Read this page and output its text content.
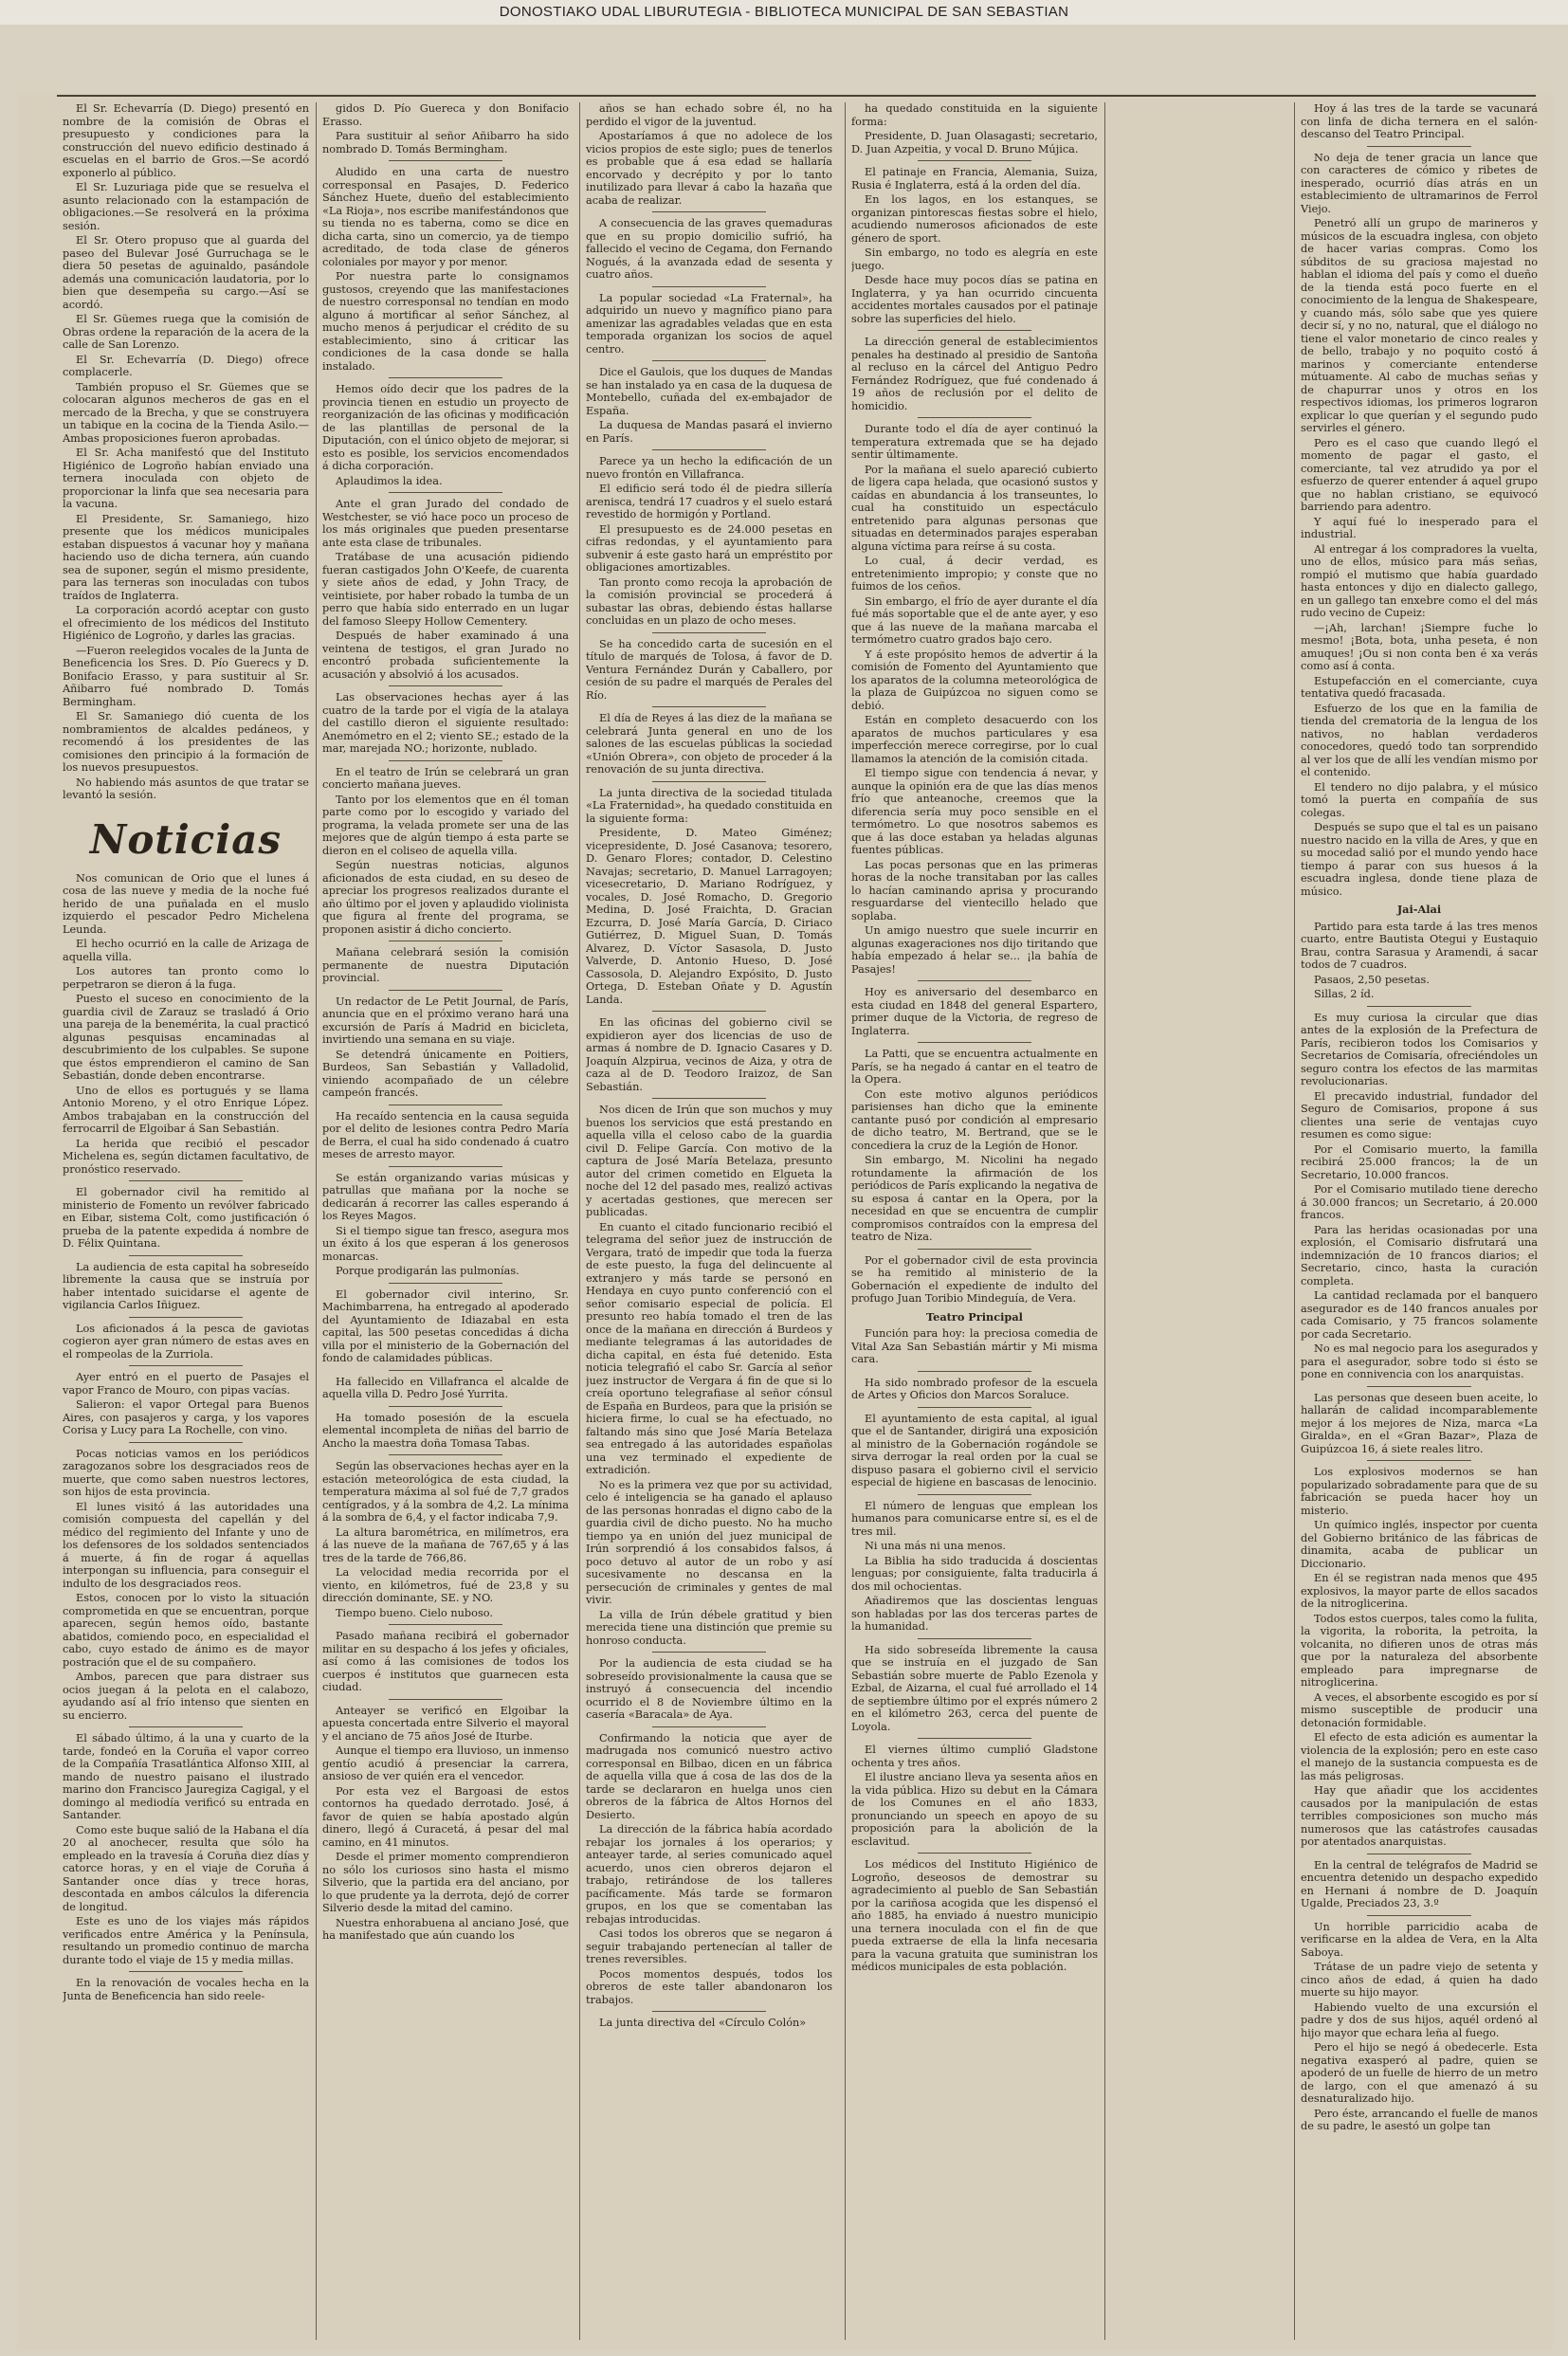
DONOSTIAKO UDAL LIBURUTEGIA - BIBLIOTECA MUNICIPAL DE SAN SEBASTIAN

El Sr. Echevarría (D. Diego) presentó en nombre de la comisión de Obras el presupuesto y condiciones para la construcción del nuevo edificio destinado á escuelas en el barrio de Gros.—Se acordó exponerlo al público.

El Sr. Luzuriaga pide que se resuelva el asunto relacionado con la estampación de obligaciones.—Se resolverá en la próxima sesión.

El Sr. Otero propuso que al guarda del paseo del Bulevar José Gurruchaga se le diera 50 pesetas de aguinaldo, pasándole además una comunicación laudatoria, por lo bien que desempeña su cargo.—Así se acordó.

El Sr. Güemes ruega que la comisión de Obras ordene la reparación de la acera de la calle de San Lorenzo.

El Sr. Echevarría (D. Diego) ofrece complacerle.

También propuso el Sr. Güemes que se colocaran algunos mecheros de gas en el mercado de la Brecha, y que se construyera un tabique en la cocina de la Tienda Asilo.—Ambas proposiciones fueron aprobadas.

El Sr. Acha manifestó que del Instituto Higiénico de Logroño habían enviado una ternera inoculada con objeto de proporcionar la linfa que sea necesaria para la vacuna.

El Presidente, Sr. Samaniego, hizo presente que los médicos municipales estaban dispuestos á vacunar hoy y mañana haciendo uso de dicha ternera, aún cuando sea de suponer, según el mismo presidente, para las terneras son inoculadas con tubos traídos de Inglaterra.

La corporación acordó aceptar con gusto el ofrecimiento de los médicos del Instituto Higiénico de Logroño, y darles las gracias.

—Fueron reelegidos vocales de la Junta de Beneficencia los Sres. D. Pío Guerecs y D. Bonifacio Erasso, y para sustituir al Sr. Añibarro fué nombrado D. Tomás Bermingham.

El Sr. Samaniego dió cuenta de los nombramientos de alcaldes pedáneos, y recomendó á los presidentes de las comisiones den principio á la formación de los nuevos presupuestos.

No habiendo más asuntos de que tratar se levantó la sesión.

Noticias

Nos comunican de Orio que el lunes á cosa de las nueve y media de la noche fué herido de una puñalada en el muslo izquierdo el pescador Pedro Michelena Leunda.

El hecho ocurrió en la calle de Arizaga de aquella villa.

Los autores tan pronto como lo perpetraron se dieron á la fuga.

Puesto el suceso en conocimiento de la guardia civil de Zarauz se trasladó á Orio una pareja de la benemérita, la cual practicó algunas pesquisas encaminadas al descubrimiento de los culpables. Se supone que éstos emprendieron el camino de San Sebastián, donde deben encontrarse.

Uno de ellos es portugués y se llama Antonio Moreno, y el otro Enrique López. Ambos trabajaban en la construcción del ferrocarril de Elgoibar á San Sebastián.

La herida que recibió el pescador Michelena es, según dictamen facultativo, de pronóstico reservado.

El gobernador civil ha remitido al ministerio de Fomento un revólver fabricado en Eibar, sistema Colt, como justificación ó prueba de la patente expedida á nombre de D. Félix Quintana.

La audiencia de esta capital ha sobreseído libremente la causa que se instruía por haber intentado suicidarse el agente de vigilancia Carlos Iñiguez.

Los aficionados á la pesca de gaviotas cogieron ayer gran número de estas aves en el rompeolas de la Zurriola.

Ayer entró en el puerto de Pasajes el vapor Franco de Mouro, con pipas vacías.

Salieron: el vapor Ortegal para Buenos Aires, con pasajeros y carga, y los vapores Corisa y Lucy para La Rochelle, con vino.

Pocas noticias vamos en los periódicos zaragozanos sobre los desgraciados reos de muerte, que como saben nuestros lectores, son hijos de esta provincia.

El lunes visitó á las autoridades una comisión compuesta del capellán y del médico del regimiento del Infante y uno de los defensores de los soldados sentenciados á muerte, á fin de rogar á aquellas interpongan su influencia, para conseguir el indulto de los desgraciados reos.

Estos, conocen por lo visto la situación comprometida en que se encuentran, porque aparecen, según hemos oído, bastante abatidos, comiendo poco, en especialidad el cabo, cuyo estado de ánimo es de mayor postración que el de su compañero.

Ambos, parecen que para distraer sus ocios juegan á la pelota en el calabozo, ayudando así al frío intenso que sienten en su encierro.

El sábado último, á la una y cuarto de la tarde, fondeó en la Coruña el vapor correo de la Compañía Trasatlántica Alfonso XIII, al mando de nuestro paisano el ilustrado marino don Francisco Jauregiza Cagigal, y el domingo al mediodía verificó su entrada en Santander.

Como este buque salió de la Habana el día 20 al anochecer, resulta que sólo ha empleado en la travesía á Coruña diez días y catorce horas, y en el viaje de Coruña á Santander once días y trece horas, descontada en ambos cálculos la diferencia de longitud.

Este es uno de los viajes más rápidos verificados entre América y la Península, resultando un promedio continuo de marcha durante todo el viaje de 15 y media millas.

En la renovación de vocales hecha en la Junta de Beneficencia han sido reele-

gidos D. Pío Guereca y don Bonifacio Erasso.

Para sustituir al señor Añibarro ha sido nombrado D. Tomás Bermingham.

Aludido en una carta de nuestro corresponsal en Pasajes, D. Federico Sánchez Huete, dueño del establecimiento «La Rioja», nos escribe manifestándonos que su tienda no es taberna, como se dice en dicha carta, sino un comercio, ya de tiempo acreditado, de toda clase de géneros coloniales por mayor y por menor.

Por nuestra parte lo consignamos gustosos, creyendo que las manifestaciones de nuestro corresponsal no tendían en modo alguno á mortificar al señor Sánchez, al mucho menos á perjudicar el crédito de su establecimiento, sino á criticar las condiciones de la casa donde se halla instalado.

Hemos oído decir que los padres de la provincia tienen en estudio un proyecto de reorganización de las oficinas y modificación de las plantillas de personal de la Diputación, con el único objeto de mejorar, si esto es posible, los servicios encomendados á dicha corporación.

Aplaudimos la idea.

Ante el gran Jurado del condado de Westchester, se vió hace poco un proceso de los más originales que pueden presentarse ante esta clase de tribunales.

Tratábase de una acusación pidiendo fueran castigados John O'Keefe, de cuarenta y siete años de edad, y John Tracy, de veintisiete, por haber robado la tumba de un perro que había sido enterrado en un lugar del famoso Sleepy Hollow Cementery.

Después de haber examinado á una veintena de testigos, el gran Jurado no encontró probada suficientemente la acusación y absolvió á los acusados.

Las observaciones hechas ayer á las cuatro de la tarde por el vigía de la atalaya del castillo dieron el siguiente resultado: Anemómetro en el 2; viento SE.; estado de la mar, marejada NO.; horizonte, nublado.

En el teatro de Irún se celebrará un gran concierto mañana jueves.

Tanto por los elementos que en él toman parte como por lo escogido y variado del programa, la velada promete ser una de las mejores que de algún tiempo á esta parte se dieron en el coliseo de aquella villa.

Según nuestras noticias, algunos aficionados de esta ciudad, en su deseo de apreciar los progresos realizados durante el año último por el joven y aplaudido violinista que figura al frente del programa, se proponen asistir á dicho concierto.

Mañana celebrará sesión la comisión permanente de nuestra Diputación provincial.

Un redactor de Le Petit Journal, de París, anuncia que en el próximo verano hará una excursión de París á Madrid en bicicleta, invirtiendo una semana en su viaje.

Se detendrá únicamente en Poitiers, Burdeos, San Sebastián y Valladolid, viniendo acompañado de un célebre campeón francés.

Ha recaído sentencia en la causa seguida por el delito de lesiones contra Pedro María de Berra, el cual ha sido condenado á cuatro meses de arresto mayor.

Se están organizando varias músicas y patrullas que mañana por la noche se dedicarán á recorrer las calles esperando á los Reyes Magos.

Si el tiempo sigue tan fresco, asegura mos un éxito á los que esperan á los generosos monarcas.

Porque prodigarán las pulmonías.

El gobernador civil interino, Sr. Machimbarrena, ha entregado al apoderado del Ayuntamiento de Idiazabal en esta capital, las 500 pesetas concedidas á dicha villa por el ministerio de la Gobernación del fondo de calamidades públicas.

Ha fallecido en Villafranca el alcalde de aquella villa D. Pedro José Yurrita.

Ha tomado posesión de la escuela elemental incompleta de niñas del barrio de Ancho la maestra doña Tomasa Tabas.

Según las observaciones hechas ayer en la estación meteorológica de esta ciudad, la temperatura máxima al sol fué de 7,7 grados centígrados, y á la sombra de 4,2. La mínima á la sombra de 6,4, y el factor indicaba 7,9.

La altura barométrica, en milímetros, era á las nueve de la mañana de 767,65 y á las tres de la tarde de 766,86.

La velocidad media recorrida por el viento, en kilómetros, fué de 23,8 y su dirección dominante, SE. y NO.

Tiempo bueno. Cielo nuboso.

Pasado mañana recibirá el gobernador militar en su despacho á los jefes y oficiales, así como á las comisiones de todos los cuerpos é institutos que guarnecen esta ciudad.

Anteayer se verificó en Elgoibar la apuesta concertada entre Silverio el mayoral y el anciano de 75 años José de Iturbe.

Aunque el tiempo era lluvioso, un inmenso gentío acudió á presenciar la carrera, ansioso de ver quién era el vencedor.

Por esta vez el Bargoasi de estos contornos ha quedado derrotado. José, á favor de quien se había apostado algún dinero, llegó á Curacetá, á pesar del mal camino, en 41 minutos.

Desde el primer momento comprendieron no sólo los curiosos sino hasta el mismo Silverio, que la partida era del anciano, por lo que prudente ya la derrota, dejó de correr Silverio desde la mitad del camino.

Nuestra enhorabuena al anciano José, que ha manifestado que aún cuando los

años se han echado sobre él, no ha perdido el vigor de la juventud.

Apostaríamos á que no adolece de los vicios propios de este siglo; pues de tenerlos es probable que á esa edad se hallaría encorvado y decrépito y por lo tanto inutilizado para llevar á cabo la hazaña que acaba de realizar.

A consecuencia de las graves quemaduras que en su propio domicilio sufrió, ha fallecido el vecino de Cegama, don Fernando Nogués, á la avanzada edad de sesenta y cuatro años.

La popular sociedad «La Fraternal», ha adquirido un nuevo y magnífico piano para amenizar las agradables veladas que en esta temporada organizan los socios de aquel centro.

Dice el Gaulois, que los duques de Mandas se han instalado ya en casa de la duquesa de Montebello, cuñada del ex-embajador de España.

La duquesa de Mandas pasará el invierno en París.

Parece ya un hecho la edificación de un nuevo frontón en Villafranca.

El edificio será todo él de piedra sillería arenisca, tendrá 17 cuadros y el suelo estará revestido de hormigón y Portland.

El presupuesto es de 24.000 pesetas en cifras redondas, y el ayuntamiento para subvenir á este gasto hará un empréstito por obligaciones amortizables.

Tan pronto como recoja la aprobación de la comisión provincial se procederá á subastar las obras, debiendo éstas hallarse concluidas en un plazo de ocho meses.

Se ha concedido carta de sucesión en el título de marqués de Tolosa, á favor de D. Ventura Fernández Durán y Caballero, por cesión de su padre el marqués de Perales del Río.

El día de Reyes á las diez de la mañana se celebrará Junta general en uno de los salones de las escuelas públicas la sociedad «Unión Obrera», con objeto de proceder á la renovación de su junta directiva.

La junta directiva de la sociedad titulada «La Fraternidad», ha quedado constituida en la siguiente forma:

Presidente, D. Mateo Giménez; vicepresidente, D. José Casanova; tesorero, D. Genaro Flores; contador, D. Celestino Navajas; secretario, D. Manuel Larragoyen; vicesecretario, D. Mariano Rodríguez, y vocales, D. José Romacho, D. Gregorio Medina, D. José Fraichta, D. Gracian Ezcurra, D. José María García, D. Ciriaco Gutiérrez, D. Miguel Suan, D. Tomás Alvarez, D. Víctor Sasasola, D. Justo Valverde, D. Antonio Hueso, D. José Cassosola, D. Alejandro Expósito, D. Justo Ortega, D. Esteban Oñate y D. Agustín Landa.

En las oficinas del gobierno civil se expidieron ayer dos licencias de uso de armas á nombre de D. Ignacio Casares y D. Joaquín Alzpirua, vecinos de Aiza, y otra de caza al de D. Teodoro Iraizoz, de San Sebastián.

Nos dicen de Irún que son muchos y muy buenos los servicios que está prestando en aquella villa el celoso cabo de la guardia civil D. Felipe García. Con motivo de la captura de José María Betelaza, presunto autor del crimen cometido en Elgueta la noche del 12 del pasado mes, realizó activas y acertadas gestiones, que merecen ser publicadas.

En cuanto el citado funcionario recibió el telegrama del señor juez de instrucción de Vergara, trató de impedir que toda la fuerza de este puesto, la fuga del delincuente al extranjero y más tarde se personó en Hendaya en cuyo punto conferenció con el señor comisario especial de policía. El presunto reo había tomado el tren de las once de la mañana en dirección á Burdeos y mediante telegramas á las autoridades de dicha capital, en ésta fué detenido. Esta noticia telegrafió el cabo Sr. García al señor juez instructor de Vergara á fin de que si lo creía oportuno telegrafiase al señor cónsul de España en Burdeos, para que la prisión se hiciera firme, lo cual se ha efectuado, no faltando más sino que José María Betelaza sea entregado á las autoridades españolas una vez terminado el expediente de extradición.

No es la primera vez que por su actividad, celo é inteligencia se ha ganado el aplauso de las personas honradas el digno cabo de la guardia civil de dicho puesto. No ha mucho tiempo ya en unión del juez municipal de Irún sorprendió á los consabidos falsos, á poco detuvo al autor de un robo y así sucesivamente no descansa en la persecución de criminales y gentes de mal vivir.

La villa de Irún débele gratitud y bien merecida tiene una distinción que premie su honroso conducta.

Por la audiencia de esta ciudad se ha sobreseído provisionalmente la causa que se instruyó á consecuencia del incendio ocurrido el 8 de Noviembre último en la casería «Baracala» de Aya.

Confirmando la noticia que ayer de madrugada nos comunicó nuestro activo corresponsal en Bilbao, dicen en un fábrica de aquella villa que á cosa de las dos de la tarde se declararon en huelga unos cien obreros de la fábrica de Altos Hornos del Desierto.

La dirección de la fábrica había acordado rebajar los jornales á los operarios; y anteayer tarde, al series comunicado aquel acuerdo, unos cien obreros dejaron el trabajo, retirándose de los talleres pacíficamente. Más tarde se formaron grupos, en los que se comentaban las rebajas introducidas.

Casi todos los obreros que se negaron á seguir trabajando pertenecían al taller de trenes reversibles.

Pocos momentos después, todos los obreros de este taller abandonaron los trabajos.

La junta directiva del «Círculo Colón»

ha quedado constituida en la siguiente forma:

Presidente, D. Juan Olasagasti; secretario, D. Juan Azpeitia, y vocal D. Bruno Mújica.

El patinaje en Francia, Alemania, Suiza, Rusia é Inglaterra, está á la orden del día.

En los lagos, en los estanques, se organizan pintorescas fiestas sobre el hielo, acudiendo numerosos aficionados de este género de sport.

Sin embargo, no todo es alegría en este juego.

Desde hace muy pocos días se patina en Inglaterra, y ya han ocurrido cincuenta accidentes mortales causados por el patinaje sobre las superficies del hielo.

La dirección general de establecimientos penales ha destinado al presidio de Santoña al recluso en la cárcel del Antiguo Pedro Fernández Rodríguez, que fué condenado á 19 años de reclusión por el delito de homicidio.

Durante todo el día de ayer continuó la temperatura extremada que se ha dejado sentir últimamente.

Por la mañana el suelo apareció cubierto de ligera capa helada, que ocasionó sustos y caídas en abundancia á los transeuntes, lo cual ha constituido un espectáculo entretenido para algunas personas que situadas en determinados parajes esperaban alguna víctima para reírse á su costa.

Lo cual, á decir verdad, es entretenimiento impropio; y conste que no fuimos de los ceños.

Sin embargo, el frío de ayer durante el día fué más soportable que el de ante ayer, y eso que á las nueve de la mañana marcaba el termómetro cuatro grados bajo cero.

Y á este propósito hemos de advertir á la comisión de Fomento del Ayuntamiento que los aparatos de la columna meteorológica de la plaza de Guipúzcoa no siguen como se debió.

Están en completo desacuerdo con los aparatos de muchos particulares y esa imperfección merece corregirse, por lo cual llamamos la atención de la comisión citada.

El tiempo sigue con tendencia á nevar, y aunque la opinión era de que las días menos frío que anteanoche, creemos que la diferencia sería muy poco sensible en el termómetro. Lo que nosotros sabemos es que á las doce estaban ya heladas algunas fuentes públicas.

Las pocas personas que en las primeras horas de la noche transitaban por las calles lo hacían caminando aprisa y procurando resguardarse del vientecillo helado que soplaba.

Un amigo nuestro que suele incurrir en algunas exageraciones nos dijo tiritando que había empezado á helar se... ¡la bahía de Pasajes!

Hoy es aniversario del desembarco en esta ciudad en 1848 del general Espartero, primer duque de la Victoria, de regreso de Inglaterra.

La Patti, que se encuentra actualmente en París, se ha negado á cantar en el teatro de la Opera.

Con este motivo algunos periódicos parisienses han dicho que la eminente cantante pusó por condición al empresario de dicho teatro, M. Bertrand, que se le concediera la cruz de la Legión de Honor.

Sin embargo, M. Nicolini ha negado rotundamente la afirmación de los periódicos de París explicando la negativa de su esposa á cantar en la Opera, por la necesidad en que se encuentra de cumplir compromisos contraídos con la empresa del teatro de Niza.

Por el gobernador civil de esta provincia se ha remitido al ministerio de la Gobernación el expediente de indulto del profugo Juan Toribio Mindeguía, de Vera.

Teatro Principal

Función para hoy: la preciosa comedia de Vital Aza San Sebastián mártir y Mi misma cara.

Ha sido nombrado profesor de la escuela de Artes y Oficios don Marcos Soraluce.

El ayuntamiento de esta capital, al igual que el de Santander, dirigirá una exposición al ministro de la Gobernación rogándole se sirva derrogar la real orden por la cual se dispuso pasara el gobierno civil el servicio especial de higiene en bascasas de lenocinio.

El número de lenguas que emplean los humanos para comunicarse entre sí, es el de tres mil.

Ni una más ni una menos.

La Biblia ha sido traducida á doscientas lenguas; por consiguiente, falta traducirla á dos mil ochocientas.

Añadiremos que las doscientas lenguas son habladas por las dos terceras partes de la humanidad.

Ha sido sobreseída libremente la causa que se instruía en el juzgado de San Sebastián sobre muerte de Pablo Ezenola y Ezbal, de Aizarna, el cual fué arrollado el 14 de septiembre último por el exprés número 2 en el kilómetro 263, cerca del puente de Loyola.

El viernes último cumplió Gladstone ochenta y tres años.

El ilustre anciano lleva ya sesenta años en la vida pública. Hizo su debut en la Cámara de los Comunes en el año 1833, pronunciando un speech en apoyo de su proposición para la abolición de la esclavitud.

Los médicos del Instituto Higiénico de Logroño, deseosos de demostrar su agradecimiento al pueblo de San Sebastián por la cariñosa acogida que les dispensó el año 1885, ha enviado á nuestro municipio una ternera inoculada con el fin de que pueda extraerse de ella la linfa necesaria para la vacuna gratuita que suministran los médicos municipales de esta población.

Hoy á las tres de la tarde se vacunará con linfa de dicha ternera en el salón-descanso del Teatro Principal.

No deja de tener gracia un lance que con caracteres de cómico y ribetes de inesperado, ocurrió días atrás en un establecimiento de ultramarinos de Ferrol Viejo.

Penetró allí un grupo de marineros y músicos de la escuadra inglesa, con objeto de hacer varias compras. Como los súbditos de su graciosa majestad no hablan el idioma del país y como el dueño de la tienda está poco fuerte en el conocimiento de la lengua de Shakespeare, y cuando más, sólo sabe que yes quiere decir sí, y no no, natural, que el diálogo no tiene el valor monetario de cinco reales y de bello, trabajo y no poquito costó á marinos y comerciante entenderse mútuamente. Al cabo de muchas señas y de chapurrar unos y otros en los respectivos idiomas, los primeros lograron explicar lo que querían y el segundo pudo servirles el género.

Pero es el caso que cuando llegó el momento de pagar el gasto, el comerciante, tal vez atrudido ya por el esfuerzo de querer entender á aquel grupo que no hablan cristiano, se equivocó barriendo para adentro.

Y aquí fué lo inesperado para el industrial.

Al entregar á los compradores la vuelta, uno de ellos, músico para más señas, rompió el mutismo que había guardado hasta entonces y dijo en dialecto gallego, en un gallego tan enxebre como el del más rudo vecino de Cupeiz:

—¡Ah, larchan! ¡Siempre fuche lo mesmo! ¡Bota, bota, unha peseta, é non amuques! ¡Ou si non conta ben é xa verás como así á conta.

Estupefacción en el comerciante, cuya tentativa quedó fracasada.

Esfuerzo de los que en la familia de tienda del crematoria de la lengua de los nativos, no hablan verdaderos conocedores, quedó todo tan sorprendido al ver los que de allí les vendían mismo por el contenido.

El tendero no dijo palabra, y el músico tomó la puerta en compañía de sus colegas.

Después se supo que el tal es un paisano nuestro nacido en la villa de Ares, y que en su mocedad salió por el mundo yendo hace tiempo á parar con sus huesos á la escuadra inglesa, donde tiene plaza de músico.

Jai-Alai

Partido para esta tarde á las tres menos cuarto, entre Bautista Otegui y Eustaquio Brau, contra Sarasua y Aramendi, á sacar todos de 7 cuadros.

Pasaos, 2,50 pesetas.

Sillas, 2 íd.

Es muy curiosa la circular que dias antes de la explosión de la Prefectura de París, recibieron todos los Comisarios y Secretarios de Comisaría, ofreciéndoles un seguro contra los efectos de las marmitas revolucionarias.

El precavido industrial, fundador del Seguro de Comisarios, propone á sus clientes una serie de ventajas cuyo resumen es como sigue:

Por el Comisario muerto, la familla recibirá 25.000 francos; la de un Secretario, 10.000 francos.

Por el Comisario mutilado tiene derecho á 30.000 francos; un Secretario, á 20.000 francos.

Para las heridas ocasionadas por una explosión, el Comisario disfrutará una indemnización de 10 francos diarios; el Secretario, cinco, hasta la curación completa.

La cantidad reclamada por el banquero asegurador es de 140 francos anuales por cada Comisario, y 75 francos solamente por cada Secretario.

No es mal negocio para los asegurados y para el asegurador, sobre todo si ésto se pone en connivencia con los anarquistas.

Las personas que deseen buen aceite, lo hallarán de calidad incomparablemente mejor á los mejores de Niza, marca «La Giralda», en el «Gran Bazar», Plaza de Guipúzcoa 16, á siete reales litro.

Los explosivos modernos se han popularizado sobradamente para que de su fabricación se pueda hacer hoy un misterio.

Un químico inglés, inspector por cuenta del Gobierno británico de las fábricas de dinamita, acaba de publicar un Diccionario.

En él se registran nada menos que 495 explosivos, la mayor parte de ellos sacados de la nitroglicerina.

Todos estos cuerpos, tales como la fulita, la vigorita, la roborita, la petroita, la volcanita, no difieren unos de otras más que por la naturaleza del absorbente empleado para impregnarse de nitroglicerina.

A veces, el absorbente escogido es por sí mismo susceptible de producir una detonación formidable.

El efecto de esta adición es aumentar la violencia de la explosión; pero en este caso el manejo de la sustancia compuesta es de las más peligrosas.

Hay que añadir que los accidentes causados por la manipulación de estas terribles composiciones son mucho más numerosos que las catástrofes causadas por atentados anarquistas.

En la central de telégrafos de Madrid se encuentra detenido un despacho expedido en Hernani á nombre de D. Joaquín Ugalde, Preciados 23, 3.º

Un horrible parricidio acaba de verificarse en la aldea de Vera, en la Alta Saboya.

Trátase de un padre viejo de setenta y cinco años de edad, á quien ha dado muerte su hijo mayor.

Habiendo vuelto de una excursión el padre y dos de sus hijos, aquél ordenó al hijo mayor que echara leña al fuego.

Pero el hijo se negó á obedecerle. Esta negativa exasperó al padre, quien se apoderó de un fuelle de hierro de un metro de largo, con el que amenazó á su desnaturalizado hijo.

Pero éste, arrancando el fuelle de manos de su padre, le asestó un golpe tan
